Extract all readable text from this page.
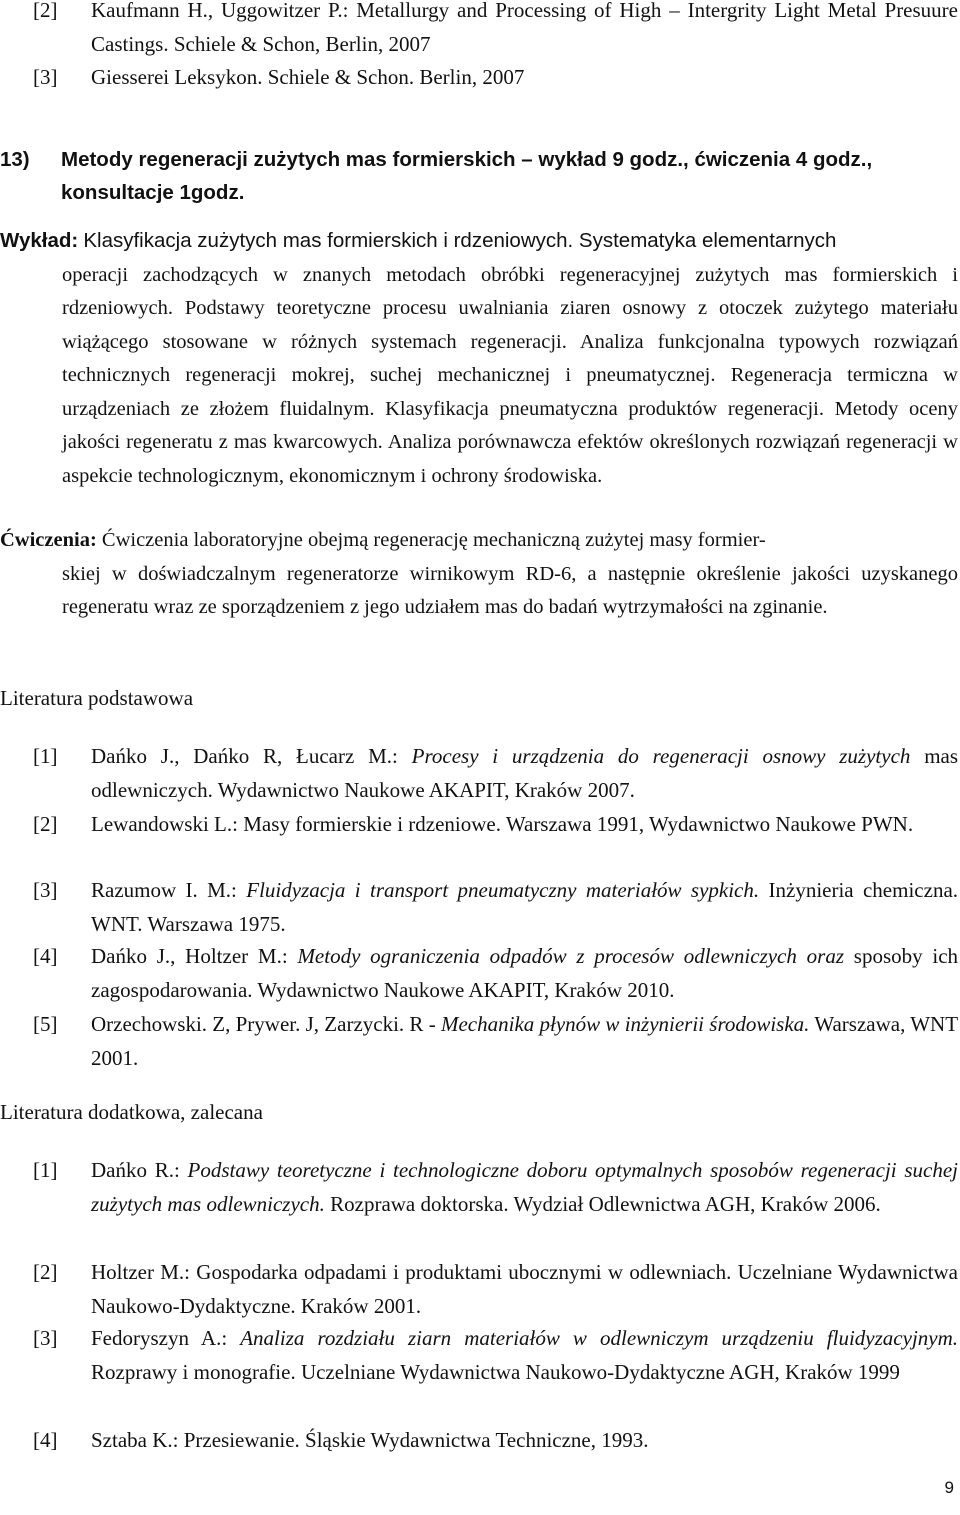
[2] Kaufmann H., Uggowitzer P.: Metallurgy and Processing of High – Intergrity Light Metal Presuure Castings. Schiele & Schon, Berlin, 2007
[3] Giesserei Leksykon. Schiele & Schon. Berlin, 2007
13) Metody regeneracji zużytych mas formierskich – wykład 9 godz., ćwiczenia 4 godz., konsultacje 1godz.
Wykład: Klasyfikacja zużytych mas formierskich i rdzeniowych. Systematyka elementarnych
operacji zachodzących w znanych metodach obróbki regeneracyjnej zużytych mas formierskich i rdzeniowych. Podstawy teoretyczne procesu uwalniania ziaren osnowy z otoczek zużytego materiału wiążącego stosowane w różnych systemach regeneracji. Analiza funkcjonalna typowych rozwiązań technicznych regeneracji mokrej, suchej mechanicznej i pneumatycznej. Regeneracja termiczna w urządzeniach ze złożem fluidalnym. Klasyfikacja pneumatyczna produktów regeneracji. Metody oceny jakości regeneratu z mas kwarcowych. Analiza porównawcza efektów określonych rozwiązań regeneracji w aspekcie technologicznym, ekonomicznym i ochrony środowiska.
Ćwiczenia: Ćwiczenia laboratoryjne obejmą regenerację mechaniczną zużytej masy formier-
skiej w doświadczalnym regeneratorze wirnikowym RD-6, a następnie określenie jakości uzyskanego regeneratu wraz ze sporządzeniem z jego udziałem mas do badań wytrzymałości na zginanie.
Literatura podstawowa
[1] Dańko J., Dańko R, Łucarz M.: Procesy i urządzenia do regeneracji osnowy zużytych mas odlewniczych. Wydawnictwo Naukowe AKAPIT, Kraków 2007.
[2] Lewandowski L.: Masy formierskie i rdzeniowe. Warszawa 1991, Wydawnictwo Naukowe PWN.
[3] Razumow I. M.: Fluidyzacja i transport pneumatyczny materiałów sypkich. Inżynieria chemiczna. WNT. Warszawa 1975.
[4] Dańko J., Holtzer M.: Metody ograniczenia odpadów z procesów odlewniczych oraz sposoby ich zagospodarowania. Wydawnictwo Naukowe AKAPIT, Kraków 2010.
[5] Orzechowski. Z, Prywer. J, Zarzycki. R - Mechanika płynów w inżynierii środowiska. Warszawa, WNT 2001.
Literatura dodatkowa, zalecana
[1] Dańko R.: Podstawy teoretyczne i technologiczne doboru optymalnych sposobów regeneracji suchej zużytych mas odlewniczych. Rozprawa doktorska. Wydział Odlewnictwa AGH, Kraków 2006.
[2] Holtzer M.: Gospodarka odpadami i produktami ubocznymi w odlewniach. Uczelniane Wydawnictwa Naukowo-Dydaktyczne. Kraków 2001.
[3] Fedoryszyn A.: Analiza rozdziału ziarn materiałów w odlewniczym urządzeniu fluidyzacyjnym. Rozprawy i monografie. Uczelniane Wydawnictwa Naukowo-Dydaktyczne AGH, Kraków 1999
[4] Sztaba K.: Przesiewanie. Śląskie Wydawnictwa Techniczne, 1993.
9
